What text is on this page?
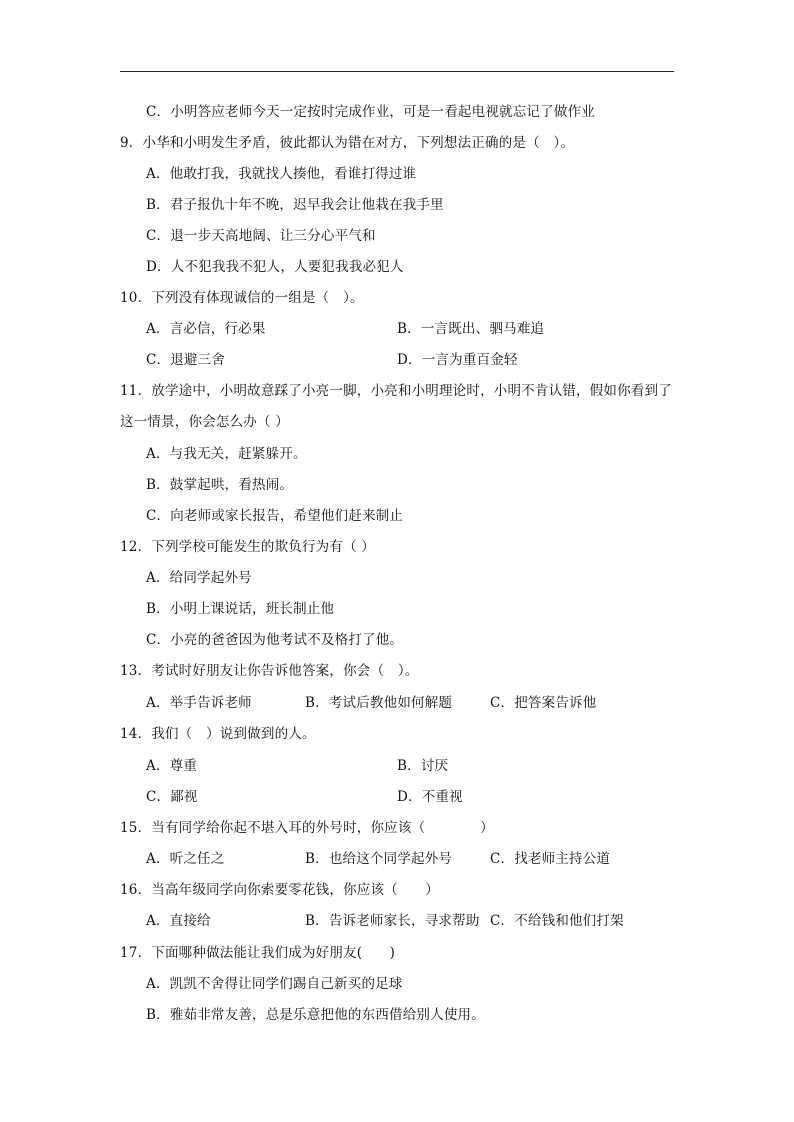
C．小明答应老师今天一定按时完成作业，可是一看起电视就忘记了做作业
9．小华和小明发生矛盾，彼此都认为错在对方，下列想法正确的是（　）。
A．他敢打我，我就找人揍他，看谁打得过谁
B．君子报仇十年不晚，迟早我会让他栽在我手里
C．退一步天高地阔、让三分心平气和
D．人不犯我我不犯人，人要犯我我必犯人
10．下列没有体现诚信的一组是（　）。
A．言必信，行必果	B．一言既出、驷马难追
C．退避三舍	D．一言为重百金轻
11．放学途中，小明故意踩了小亮一脚，小亮和小明理论时，小明不肯认错，假如你看到了
这一情景，你会怎么办（ ）
A．与我无关，赶紧躲开。
B．鼓掌起哄，看热闹。
C．向老师或家长报告，希望他们赶来制止
12．下列学校可能发生的欺负行为有（ ）
A．给同学起外号
B．小明上课说话，班长制止他
C．小亮的爸爸因为他考试不及格打了他。
13．考试时好朋友让你告诉他答案，你会（　）。
A．举手告诉老师	B．考试后教他如何解题	C．把答案告诉他
14．我们（　）说到做到的人。
A．尊重	B．讨厌
C．鄙视	D．不重视
15．当有同学给你起不堪入耳的外号时，你应该（　　　　）
A．听之任之	B．也给这个同学起外号	C．找老师主持公道
16．当高年级同学向你索要零花钱，你应该（　　）
A．直接给	B．告诉老师家长，寻求帮助 C．不给钱和他们打架
17．下面哪种做法能让我们成为好朋友(　　)
A．凯凯不舍得让同学们踢自己新买的足球
B．雅茹非常友善，总是乐意把他的东西借给别人使用。
